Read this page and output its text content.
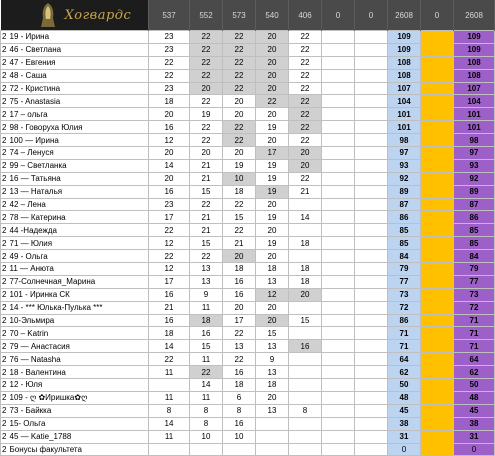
Хогвардс		537	552	573	540	406	0	0	2608	0	2608
2	19 - Ирина	23	22	22	20	22			109		109
2	46 - Светлана	23	22	22	20	22			109		109
2	47 - Евгения	22	22	22	20	22			108		108
2	48 - Саша	22	22	22	20	22			108		108
2	72 - Кристина	23	20	22	20	22			107		107
2	75 - Anastasia	18	22	20	22	22			104		104
2	17 – ольга	20	19	20	20	22			101		101
2	98 - Говоруха Юлия	16	22	22	19	22			101		101
2	100 — Ирина	12	22	22	20	22			98		98
2	74 – Ленуся	20	20	20	17	20			97		97
2	99 – Светланка	14	21	19	19	20			93		93
2	16 — Татьяна	20	21	10	19	22			92		92
2	13 — Наталья	16	15	18	19	21			89		89
2	42 – Лена	23	22	22	20				87		87
2	78 — Катерина	17	21	15	19	14			86		86
2	44 -Надежда	22	21	22	20				85		85
2	71 — Юлия	12	15	21	19	18			85		85
2	49 - Ольга	22	22	20	20				84		84
2	11 — Анюта	12	13	18	18	18			79		79
2	77-Солнечная_Марина	17	13	16	13	18			77		77
2	101 - Иринка СК	16	9	16	12	20			73		73
2	14 - *** Юлька-Пулька ***	21	11	20	20				72		72
2	10-Эльмира	16	18	17	20	15			86		71
2	70 – Katrin	18	16	22	15				71		71
2	79 — Анастасия	14	15	13	13	16			71		71
2	76 — Natasha	22	11	22	9				64		64
2	18 - Валентина	11	22	16	13				62		62
2	12 - Юля		14	18	18				50		50
2	109 - ღ ✿Иришка✿ღ	11	11	6	20				48		48
2	73 - Байкка	8	8	8	13	8			45		45
2	15- Ольга	14	8	16					38		38
2	45 — Katie_1788	11	10	10					31		31
2	Бонусы факультета								0		0
